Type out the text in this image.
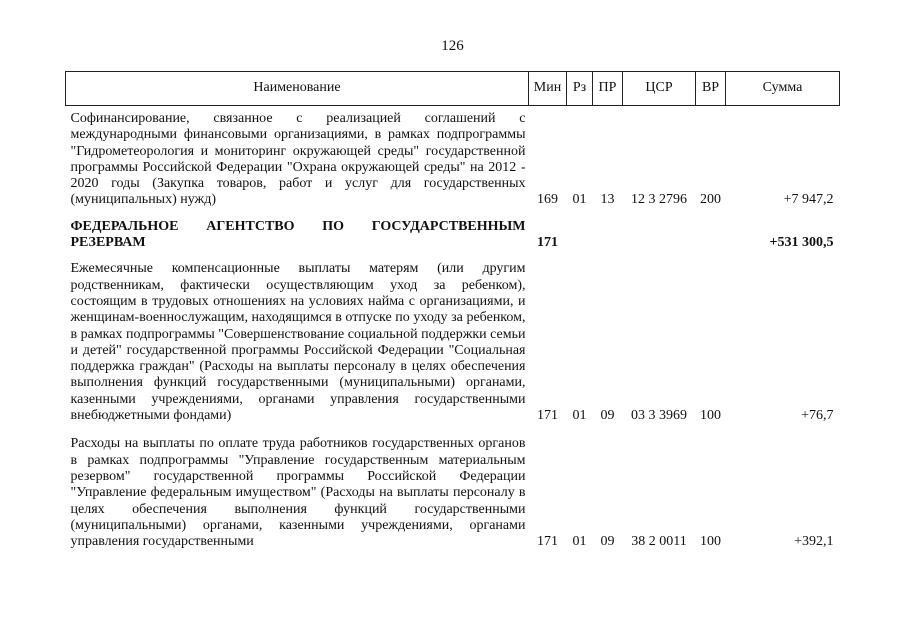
126
Наименование	Мин	Рз	ПР	ЦСР	ВР	Сумма
Софинансирование, связанное с реализацией соглашений с международными финансовыми организациями, в рамках подпрограммы "Гидрометеорология и мониторинг окружающей среды" государственной программы Российской Федерации "Охрана окружающей среды" на 2012 - 2020 годы (Закупка товаров, работ и услуг для государственных (муниципальных) нужд)	169	01	13	12 3 2796	200	+7 947,2
ФЕДЕРАЛЬНОЕ АГЕНТСТВО ПО ГОСУДАРСТВЕННЫМ РЕЗЕРВАМ	171					+531 300,5
Ежемесячные компенсационные выплаты матерям (или другим родственникам, фактически осуществляющим уход за ребенком), состоящим в трудовых отношениях на условиях найма с организациями, и женщинам-военнослужащим, находящимся в отпуске по уходу за ребенком, в рамках подпрограммы "Совершенствование социальной поддержки семьи и детей" государственной программы Российской Федерации "Социальная поддержка граждан" (Расходы на выплаты персоналу в целях обеспечения выполнения функций государственными (муниципальными) органами, казенными учреждениями, органами управления государственными внебюджетными фондами)	171	01	09	03 3 3969	100	+76,7
Расходы на выплаты по оплате труда работников государственных органов в рамках подпрограммы "Управление государственным материальным резервом" государственной программы Российской Федерации "Управление федеральным имуществом" (Расходы на выплаты персоналу в целях обеспечения выполнения функций государственными (муниципальными) органами, казенными учреждениями, органами управления государственными	171	01	09	38 2 0011	100	+392,1
